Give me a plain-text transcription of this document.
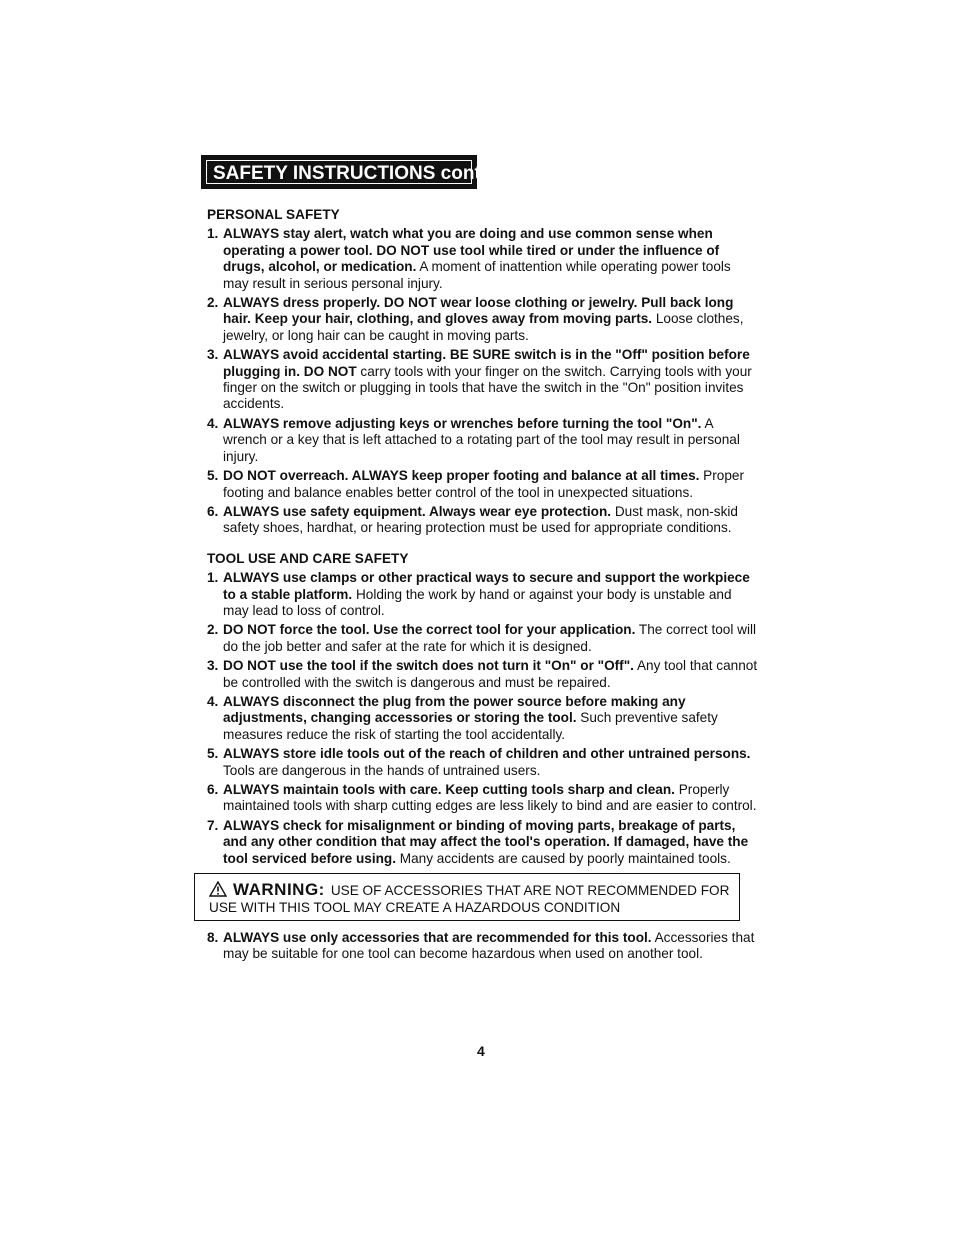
SAFETY INSTRUCTIONS cont.
PERSONAL SAFETY
1. ALWAYS stay alert, watch what you are doing and use common sense when operating a power tool. DO NOT use tool while tired or under the influence of drugs, alcohol, or medication. A moment of inattention while operating power tools may result in serious personal injury.
2. ALWAYS dress properly. DO NOT wear loose clothing or jewelry. Pull back long hair. Keep your hair, clothing, and gloves away from moving parts. Loose clothes, jewelry, or long hair can be caught in moving parts.
3. ALWAYS avoid accidental starting. BE SURE switch is in the "Off" position before plugging in. DO NOT carry tools with your finger on the switch. Carrying tools with your finger on the switch or plugging in tools that have the switch in the "On" position invites accidents.
4. ALWAYS remove adjusting keys or wrenches before turning the tool "On". A wrench or a key that is left attached to a rotating part of the tool may result in personal injury.
5. DO NOT overreach. ALWAYS keep proper footing and balance at all times. Proper footing and balance enables better control of the tool in unexpected situations.
6. ALWAYS use safety equipment. Always wear eye protection. Dust mask, non-skid safety shoes, hardhat, or hearing protection must be used for appropriate conditions.
TOOL USE AND CARE SAFETY
1. ALWAYS use clamps or other practical ways to secure and support the workpiece to a stable platform. Holding the work by hand or against your body is unstable and may lead to loss of control.
2. DO NOT force the tool. Use the correct tool for your application. The correct tool will do the job better and safer at the rate for which it is designed.
3. DO NOT use the tool if the switch does not turn it "On" or "Off". Any tool that cannot be controlled with the switch is dangerous and must be repaired.
4. ALWAYS disconnect the plug from the power source before making any adjustments, changing accessories or storing the tool. Such preventive safety measures reduce the risk of starting the tool accidentally.
5. ALWAYS store idle tools out of the reach of children and other untrained persons. Tools are dangerous in the hands of untrained users.
6. ALWAYS maintain tools with care. Keep cutting tools sharp and clean. Properly maintained tools with sharp cutting edges are less likely to bind and are easier to control.
7. ALWAYS check for misalignment or binding of moving parts, breakage of parts, and any other condition that may affect the tool's operation. If damaged, have the tool serviced before using. Many accidents are caused by poorly maintained tools.
WARNING: USE OF ACCESSORIES THAT ARE NOT RECOMMENDED FOR USE WITH THIS TOOL MAY CREATE A HAZARDOUS CONDITION
8. ALWAYS use only accessories that are recommended for this tool. Accessories that may be suitable for one tool can become hazardous when used on another tool.
4
